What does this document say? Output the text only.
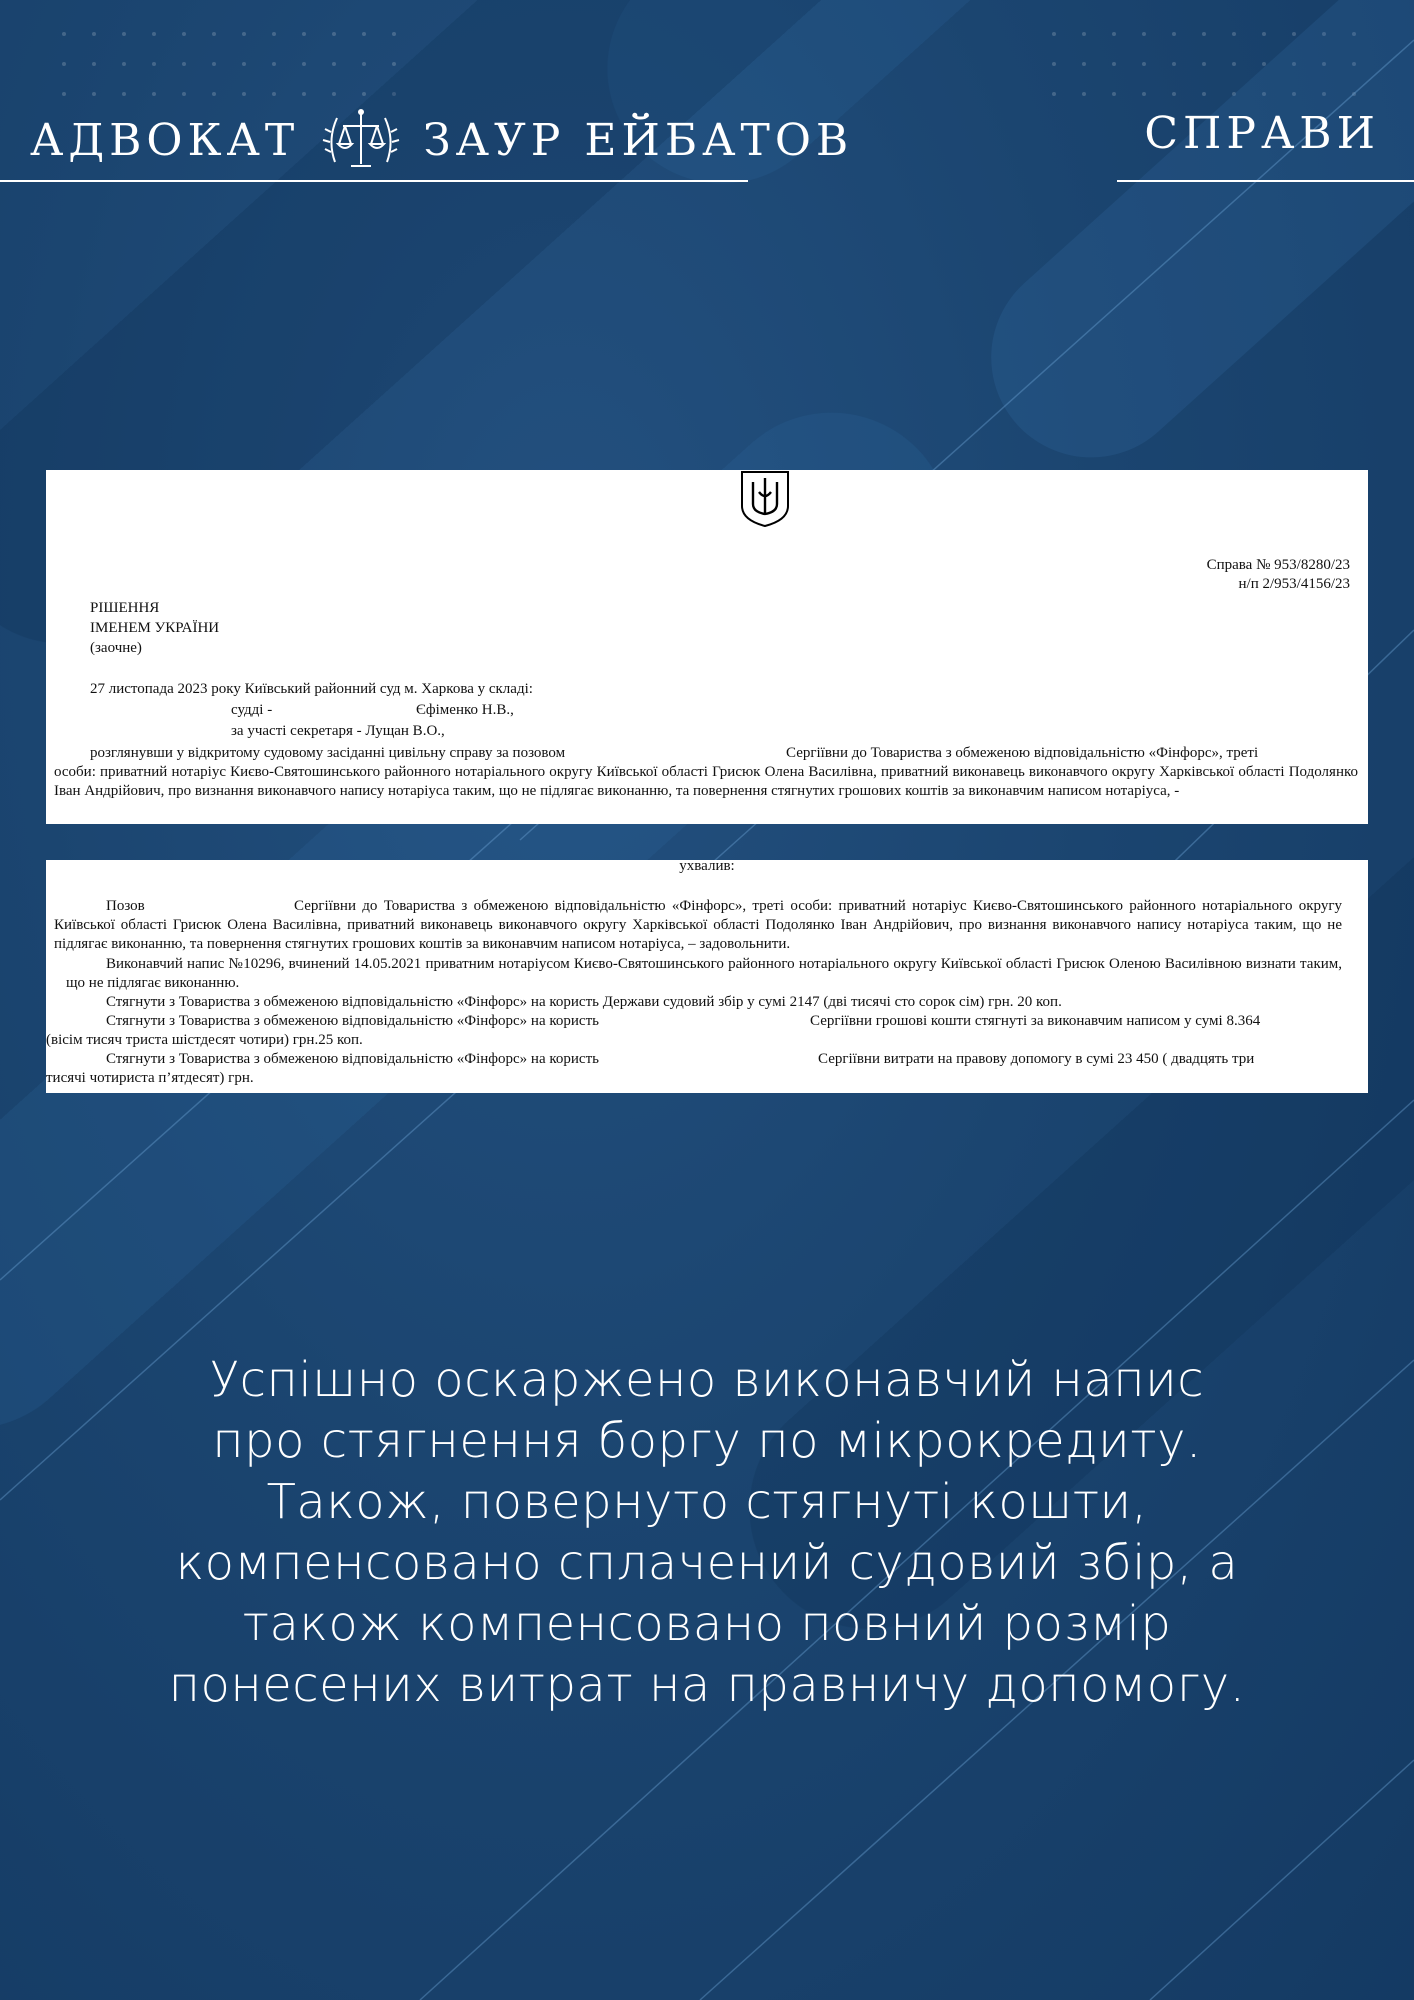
АДВОКАТ	ЗАУР ЕЙБАТОВ	СПРАВИ
Справа № 953/8280/23
н/п 2/953/4156/23
РІШЕННЯ
ІМЕНЕМ УКРАЇНИ
(заочне)
27 листопада 2023 року Київський районний суд м. Харкова у складі:
судді -	Єфіменко Н.В.,
за участі секретаря - Лущан В.О.,
розглянувши у відкритому судовому засіданні цивільну справу за позовом	Сергіївни до Товариства з обмеженою відповідальністю «Фінфорс», треті
особи: приватний нотаріус Києво-Святошинського районного нотаріального округу Київської області Грисюк Олена Василівна, приватний виконавець виконавчого округу Харківської області Подолянко Іван Андрійович, про визнання виконавчого напису нотаріуса таким, що не підлягає виконанню, та повернення стягнутих грошових коштів за виконавчим написом нотаріуса, -
ухвалив:
Позов	Сергіївни до Товариства з обмеженою відповідальністю «Фінфорс», треті особи: приватний нотаріус Києво-Святошинського районного нотаріального округу Київської області Грисюк Олена Василівна, приватний виконавець виконавчого округу Харківської області Подолянко Іван Андрійович, про визнання виконавчого напису нотаріуса таким, що не підлягає виконанню, та повернення стягнутих грошових коштів за виконавчим написом нотаріуса, – задовольнити.
Виконавчий напис №10296, вчинений 14.05.2021 приватним нотаріусом Києво-Святошинського районного нотаріального округу Київської області Грисюк Оленою Василівною визнати таким, що не підлягає виконанню.
Стягнути з Товариства з обмеженою відповідальністю «Фінфорс» на користь Держави судовий збір у сумі 2147 (дві тисячі сто сорок сім) грн. 20 коп.
Стягнути з Товариства з обмеженою відповідальністю «Фінфорс» на користь	Сергіївни грошові кошти стягнуті за виконавчим написом у сумі 8.364
(вісім тисяч триста шістдесят чотири) грн.25 коп.
Стягнути з Товариства з обмеженою відповідальністю «Фінфорс» на користь	Сергіївни витрати на правову допомогу в сумі 23 450 ( двадцять три
тисячі чотириста п’ятдесят) грн.
Успішно оскаржено виконавчий напис
про стягнення боргу по мікрокредиту.
Також, повернуто стягнуті кошти,
компенсовано сплачений судовий збір, а
також компенсовано повний розмір
понесених витрат на правничу допомогу.
